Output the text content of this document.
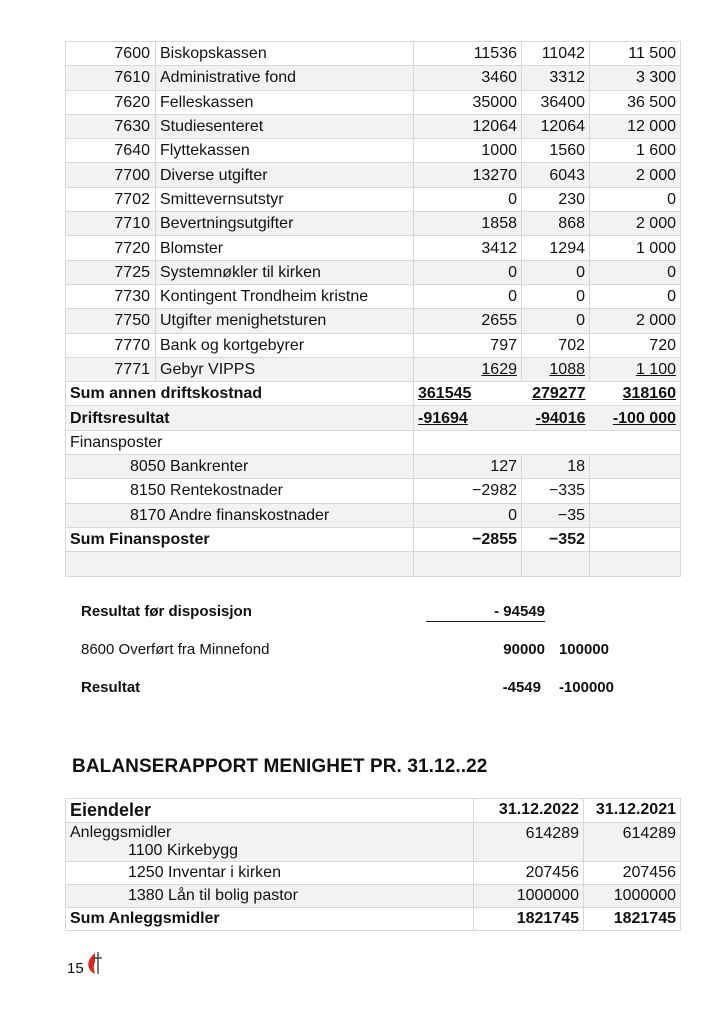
7600	Biskopskassen	11536	11042	11 500
7610	Administrative fond	3460	3312	3 300
7620	Felleskassen	35000	36400	36 500
7630	Studiesenteret	12064	12064	12 000
7640	Flyttekassen	1000	1560	1 600
7700	Diverse utgifter	13270	6043	2 000
7702	Smittevernsutstyr	0	230	0
7710	Bevertningsutgifter	1858	868	2 000
7720	Blomster	3412	1294	1 000
7725	Systemnøkler til kirken	0	0	0
7730	Kontingent Trondheim kristne	0	0	0
7750	Utgifter menighetsturen	2655	0	2 000
7770	Bank og kortgebyrer	797	702	720
7771	Gebyr VIPPS	1629	1088	1 100
Sum annen driftskostnad		361545	279277	318160
Driftsresultat		-91694	-94016	-100 000
Finansposter				
8050 Bankrenter		127	18	
8150 Rentekostnader		−2982	−335	
8170 Andre finanskostnader		0	−35	
Sum Finansposter		−2855	−352	

Resultat før disposisjon	- 94549
8600 Overført fra Minnefond	90000 100000
Resultat	-4549	-100000
BALANSERAPPORT MENIGHET PR. 31.12..22
Eiendeler	31.12.2022	31.12.2021

Anleggsmidler
1100 Kirkebygg	614289	614289
1250 Inventar i kirken	207456	207456
1380 Lån til bolig pastor	1000000	1000000
Sum Anleggsmidler	1821745	1821745
15
